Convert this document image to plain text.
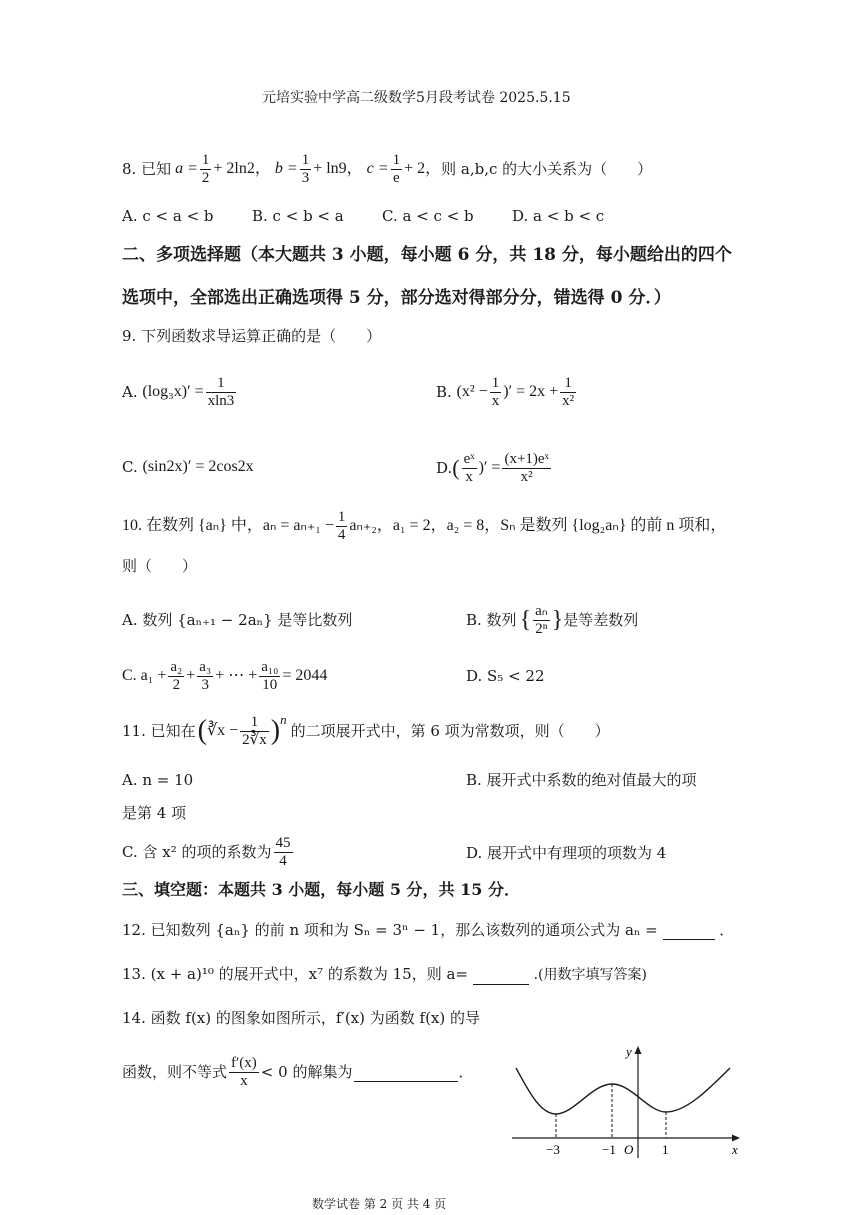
元培实验中学高二级数学5月段考试卷 2025.5.15
8.
已知 $a = \frac{1}{2} + 2\ln 2$， $b = \frac{1}{3} + \ln 9$， $c = \frac{1}{e} + 2$， 则 a,b,c 的大小关系为（　　）
A. c < a < b	B. c < b < a	C. a < c < b	D. a < b < c
二、多项选择题（本大题共 3 小题，每小题 6 分，共 18 分，每小题给出的四个
选项中，全部选出正确选项得 5 分，部分选对得部分分，错选得 0 分．）
9. 下列函数求导运算正确的是（　　）
A.
$(\log_3x)' = \frac{1}{xln3}$	B.
($x^2 - \frac{1}{x}$ )′ = $2x + \frac{1}{\text{x²}}$
C.
(sin2x)′ = 2cos2x	D. ( $\frac{\text{eˣ}}{x}$ )′ = $\frac{\text{(x+1)eˣ}}{\text{x²}}$
10. 在数列 {aₙ} 中，$a_n = a_{n+1} - \frac{1}{4} a_{n+2}$，a₁ = 2，a₂ = 8，Sₙ 是数列 {log₂aₙ} 的前 n 项和，
则（　　）
A. 数列 {aₙ₊₁ − 2aₙ} 是等比数列	B. 数列 { $\frac{\text{aₙ}}{\text{2ⁿ}}$ } 是等差数列
C. $a_1 + \frac{\text{a₂}}{2} + \frac{\text{a₃}}{3}$ + ⋯ + $\frac{\text{a₁₀}}{10} = 2044$	D. S₅ < 22
11. 已知在 ( ∛x − $\frac{1}{2∛x}$ ) n
的二项展开式中，第 6 项为常数项，则（　　）
A. n = 10	B. 展开式中系数的绝对值最大的项
是第 4 项
C. 含 x² 的项的系数为 $\frac{45}{4}$	D. 展开式中有理项的项数为 4
三、填空题：本题共 3 小题，每小题 5 分，共 15 分．
12. 已知数列 {aₙ} 的前 n 项和为 Sₙ = 3ⁿ − 1，那么该数列的通项公式为 aₙ =	．
13. (x + a)¹⁰ 的展开式中，x⁷ 的系数为 15，则 a=	.(用数字填写答案)
14. 函数 f(x) 的图象如图所示，f′(x) 为函数 f(x) 的导
函数，则不等式 $\frac{f'(x)}{x} < 0$ 的解集为	．
y
x
O
−3	−1	1
数学试卷 第 2 页 共 4 页
